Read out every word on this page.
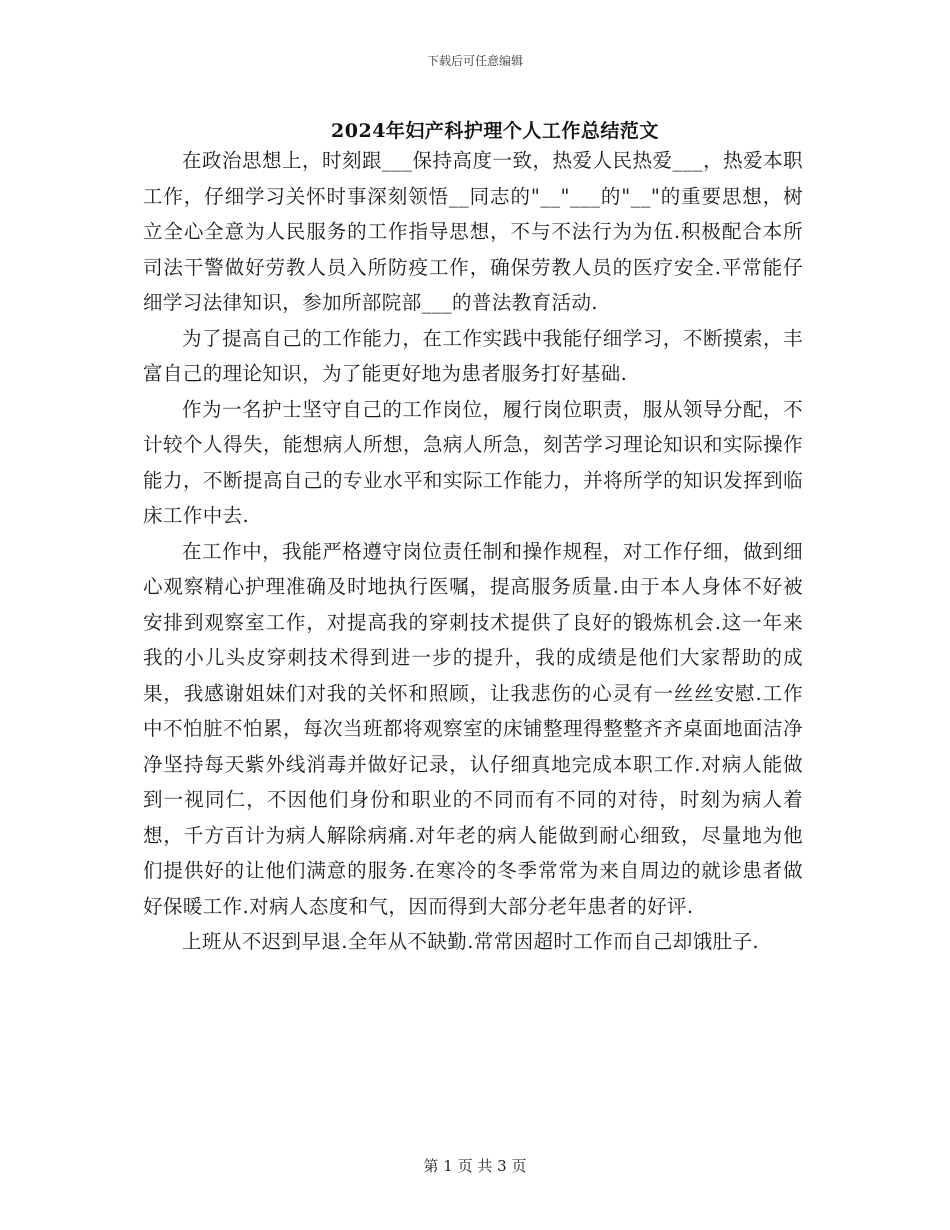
下载后可任意编辑
2024年妇产科护理个人工作总结范文

在政治思想上，时刻跟___保持高度一致，热爱人民热爱___，热爱本职工作，仔细学习关怀时事深刻领悟__同志的"__"___的"__"的重要思想，树立全心全意为人民服务的工作指导思想，不与不法行为为伍.积极配合本所司法干警做好劳教人员入所防疫工作，确保劳教人员的医疗安全.平常能仔细学习法律知识，参加所部院部___的普法教育活动.

为了提高自己的工作能力，在工作实践中我能仔细学习，不断摸索，丰富自己的理论知识，为了能更好地为患者服务打好基础.

作为一名护士坚守自己的工作岗位，履行岗位职责，服从领导分配，不计较个人得失，能想病人所想，急病人所急，刻苦学习理论知识和实际操作能力，不断提高自己的专业水平和实际工作能力，并将所学的知识发挥到临床工作中去.

在工作中，我能严格遵守岗位责任制和操作规程，对工作仔细，做到细心观察精心护理准确及时地执行医嘱，提高服务质量.由于本人身体不好被安排到观察室工作，对提高我的穿刺技术提供了良好的锻炼机会.这一年来我的小儿头皮穿刺技术得到进一步的提升，我的成绩是他们大家帮助的成果，我感谢姐妹们对我的关怀和照顾，让我悲伤的心灵有一丝丝安慰.工作中不怕脏不怕累，每次当班都将观察室的床铺整理得整整齐齐桌面地面洁净净坚持每天紫外线消毒并做好记录，认仔细真地完成本职工作.对病人能做到一视同仁，不因他们身份和职业的不同而有不同的对待，时刻为病人着想，千方百计为病人解除病痛.对年老的病人能做到耐心细致，尽量地为他们提供好的让他们满意的服务.在寒冷的冬季常常为来自周边的就诊患者做好保暖工作.对病人态度和气，因而得到大部分老年患者的好评.

上班从不迟到早退.全年从不缺勤.常常因超时工作而自己却饿肚子.

第 1 页 共 3 页
